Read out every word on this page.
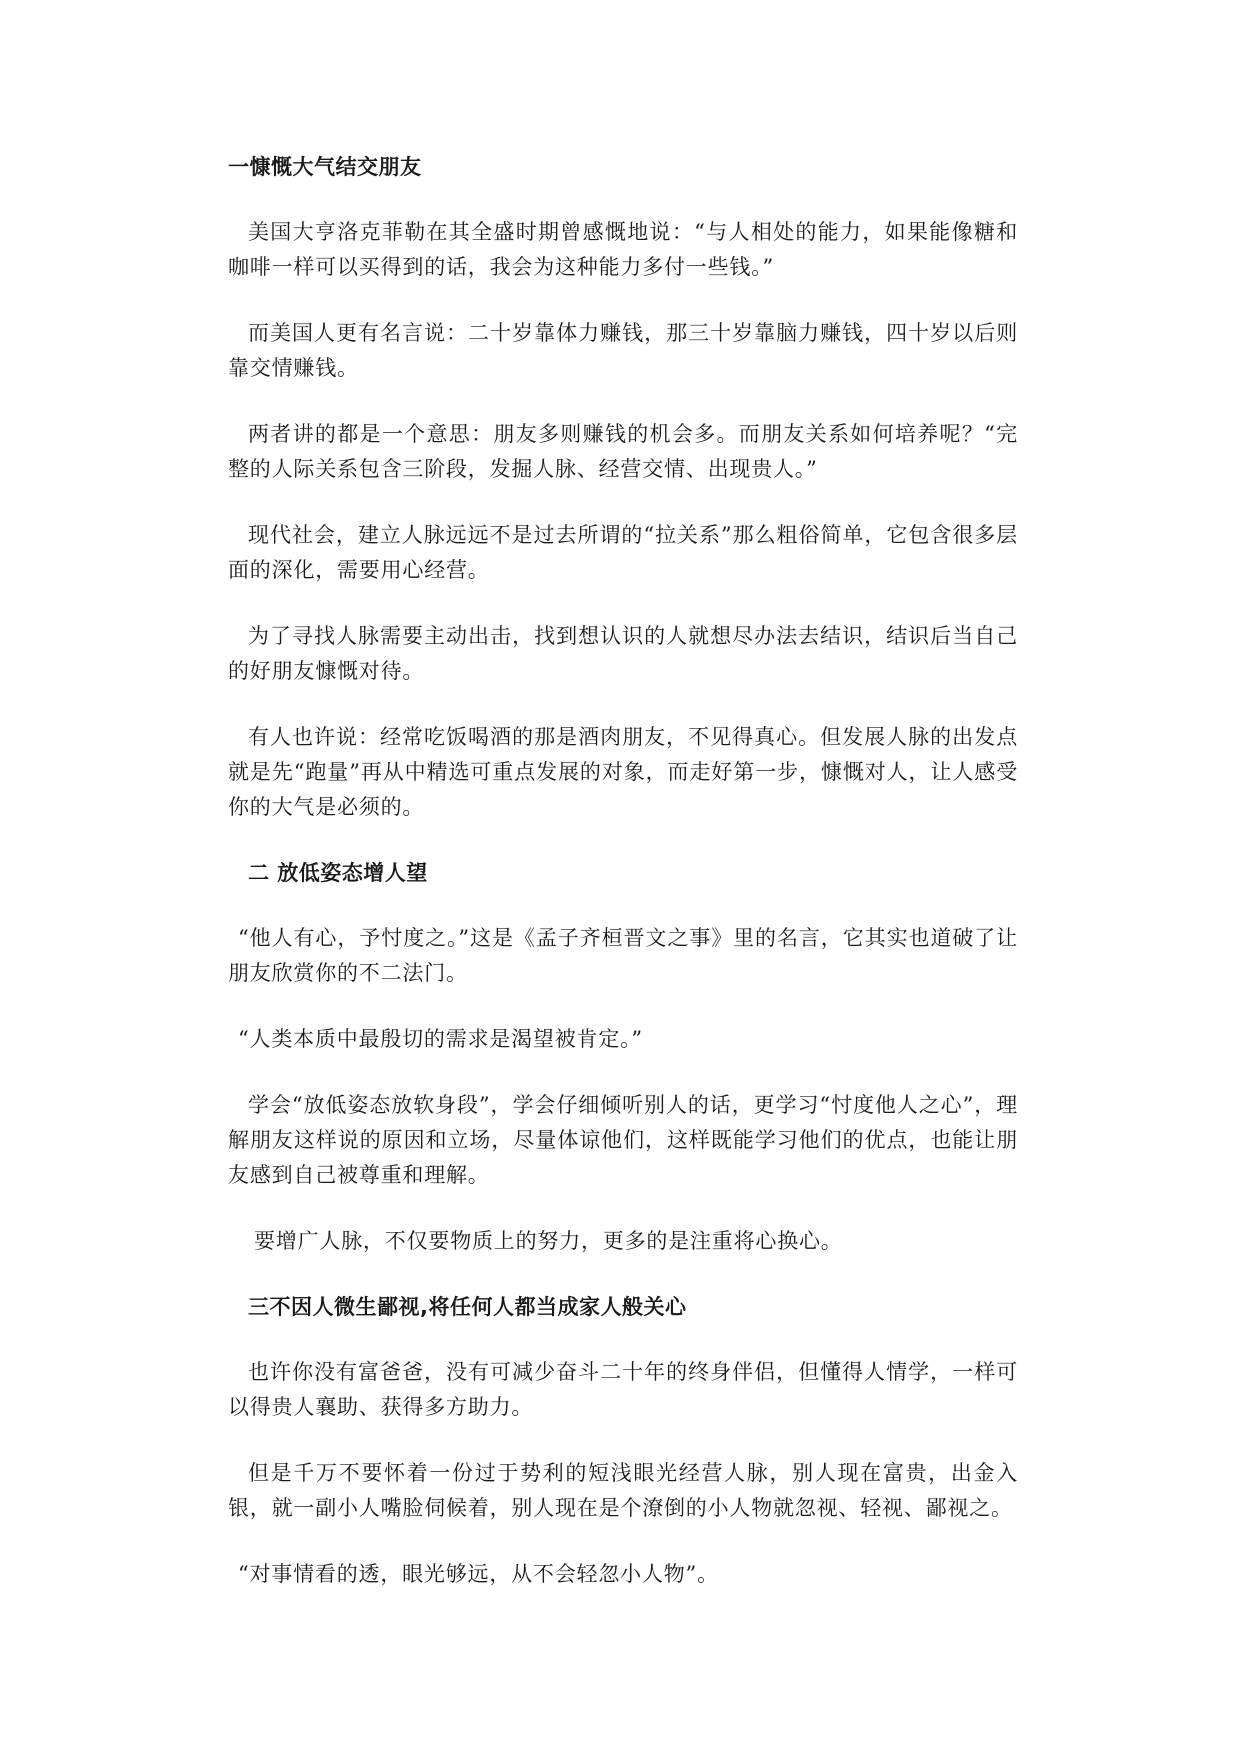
一慷慨大气结交朋友

美国大亨洛克菲勒在其全盛时期曾感慨地说：“与人相处的能力，如果能像糖和咖啡一样可以买得到的话，我会为这种能力多付一些钱。”

而美国人更有名言说：二十岁靠体力赚钱，那三十岁靠脑力赚钱，四十岁以后则靠交情赚钱。

两者讲的都是一个意思：朋友多则赚钱的机会多。而朋友关系如何培养呢？“完整的人际关系包含三阶段，发掘人脉、经营交情、出现贵人。”

现代社会，建立人脉远远不是过去所谓的“拉关系”那么粗俗简单，它包含很多层面的深化，需要用心经营。

为了寻找人脉需要主动出击，找到想认识的人就想尽办法去结识，结识后当自己的好朋友慷慨对待。

有人也许说：经常吃饭喝酒的那是酒肉朋友，不见得真心。但发展人脉的出发点就是先“跑量”再从中精选可重点发展的对象，而走好第一步，慷慨对人，让人感受你的大气是必须的。

二 放低姿态增人望

“他人有心，予忖度之。”这是《孟子齐桓晋文之事》里的名言，它其实也道破了让朋友欣赏你的不二法门。

“人类本质中最殷切的需求是渴望被肯定。”

学会“放低姿态放软身段”，学会仔细倾听别人的话，更学习“忖度他人之心”，理解朋友这样说的原因和立场，尽量体谅他们，这样既能学习他们的优点，也能让朋友感到自己被尊重和理解。

要增广人脉，不仅要物质上的努力，更多的是注重将心换心。

三不因人微生鄙视,将任何人都当成家人般关心

也许你没有富爸爸，没有可减少奋斗二十年的终身伴侣，但懂得人情学，一样可以得贵人襄助、获得多方助力。

但是千万不要怀着一份过于势利的短浅眼光经营人脉，别人现在富贵，出金入银，就一副小人嘴脸伺候着，别人现在是个潦倒的小人物就忽视、轻视、鄙视之。

“对事情看的透，眼光够远，从不会轻忽小人物”。
